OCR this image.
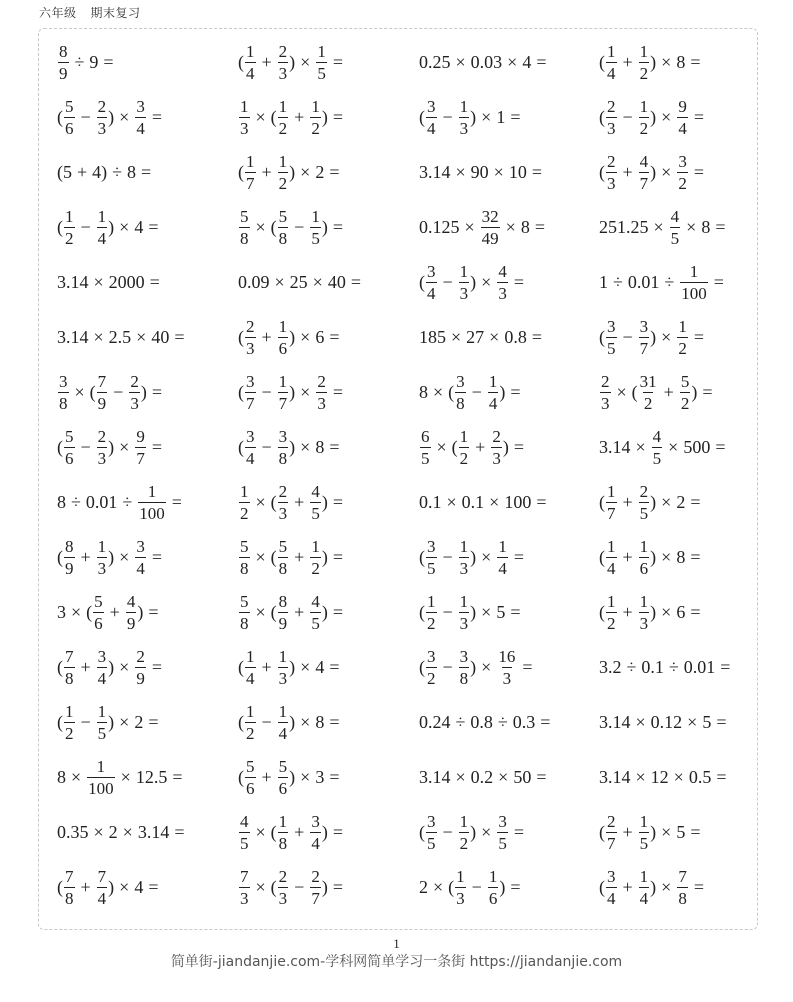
六年级 期末复习
$\frac{8}{9} \div 9$ =	( $\frac{1}{4} + \frac{2}{3}$ ) × $\frac{1}{5}$ =	0.25 × 0.03 × 4 =	( $\frac{1}{4} + \frac{1}{2}$ ) × 8 =
( $\frac{5}{6} - \frac{2}{3}$ ) × $\frac{3}{4}$ =	$\frac{1}{3}$ × ( $\frac{1}{2} + \frac{1}{2}$ ) =	( $\frac{3}{4} - \frac{1}{3}$ ) × 1 =	( $\frac{2}{3} - \frac{1}{2}$ ) × $\frac{9}{4}$ =
( 5 + 4 ) ÷ 8 =	( $\frac{1}{7} + \frac{1}{2}$ ) × 2 =	3.14 × 90 × 10 =	( $\frac{2}{3} + \frac{4}{7}$ ) × $\frac{3}{2}$ =
( $\frac{1}{2} - \frac{1}{4}$ ) × 4 =	$\frac{5}{8}$ × ( $\frac{5}{8} - \frac{1}{5}$ ) =	$0.125 \times \frac{32}{49} \times 8$ =	$251.25 \times \frac{4}{5} \times 8$ =
3.14 × 2000 =	0.09 × 25 × 40 =	( $\frac{3}{4} - \frac{1}{3}$ ) × $\frac{4}{3}$ =	$1 \div 0.01 \div \frac{1}{100}$ =
3.14 × 2.5 × 40 =	( $\frac{2}{3} + \frac{1}{6}$ ) × 6 =	185 × 27 × 0.8 =	( $\frac{3}{5} - \frac{3}{7}$ ) × $\frac{1}{2}$ =
$\frac{3}{8}$ × ( $\frac{7}{9} - \frac{2}{3}$ ) =	( $\frac{3}{7} - \frac{1}{7}$ ) × $\frac{2}{3}$ =	8 × ( $\frac{3}{8} - \frac{1}{4}$ ) =	$\frac{2}{3}$ × ( $\frac{31}{2} + \frac{5}{2}$ ) =
( $\frac{5}{6} - \frac{2}{3}$ ) × $\frac{9}{7}$ =	( $\frac{3}{4} - \frac{3}{8}$ ) × 8 =	$\frac{6}{5}$ × ( $\frac{1}{2} + \frac{2}{3}$ ) =	$3.14 \times \frac{4}{5} \times 500$ =
$8 \div 0.01 \div \frac{1}{100}$ =	$\frac{1}{2}$ × ( $\frac{2}{3} + \frac{4}{5}$ ) =	0.1 × 0.1 × 100 =	( $\frac{1}{7} + \frac{2}{5}$ ) × 2 =
( $\frac{8}{9} + \frac{1}{3}$ ) × $\frac{3}{4}$ =	$\frac{5}{8}$ × ( $\frac{5}{8} + \frac{1}{2}$ ) =	( $\frac{3}{5} - \frac{1}{3}$ ) × $\frac{1}{4}$ =	( $\frac{1}{4} + \frac{1}{6}$ ) × 8 =
3 × ( $\frac{5}{6} + \frac{4}{9}$ ) =	$\frac{5}{8}$ × ( $\frac{8}{9} + \frac{4}{5}$ ) =	( $\frac{1}{2} - \frac{1}{3}$ ) × 5 =	( $\frac{1}{2} + \frac{1}{3}$ ) × 6 =
( $\frac{7}{8} + \frac{3}{4}$ ) × $\frac{2}{9}$ =	( $\frac{1}{4} + \frac{1}{3}$ ) × 4 =	( $\frac{3}{2} - \frac{3}{8}$ ) × $\frac{16}{3}$ =	3.2 ÷ 0.1 ÷ 0.01 =
( $\frac{1}{2} - \frac{1}{5}$ ) × 2 =	( $\frac{1}{2} - \frac{1}{4}$ ) × 8 =	0.24 ÷ 0.8 ÷ 0.3 =	3.14 × 0.12 × 5 =
$8 \times \frac{1}{100} \times 12.5$ =	( $\frac{5}{6} + \frac{5}{6}$ ) × 3 =	3.14 × 0.2 × 50 =	3.14 × 12 × 0.5 =
0.35 × 2 × 3.14 =	$\frac{4}{5}$ × ( $\frac{1}{8} + \frac{3}{4}$ ) =	( $\frac{3}{5} - \frac{1}{2}$ ) × $\frac{3}{5}$ =	( $\frac{2}{7} + \frac{1}{5}$ ) × 5 =
( $\frac{7}{8} + \frac{7}{4}$ ) × 4 =	$\frac{7}{3}$ × ( $\frac{2}{3} - \frac{2}{7}$ ) =	2 × ( $\frac{1}{3} - \frac{1}{6}$ ) =	( $\frac{3}{4} + \frac{1}{4}$ ) × $\frac{7}{8}$ =
1
简单街-jiandanjie.com-学科网简单学习一条街 https://jiandanjie.com
